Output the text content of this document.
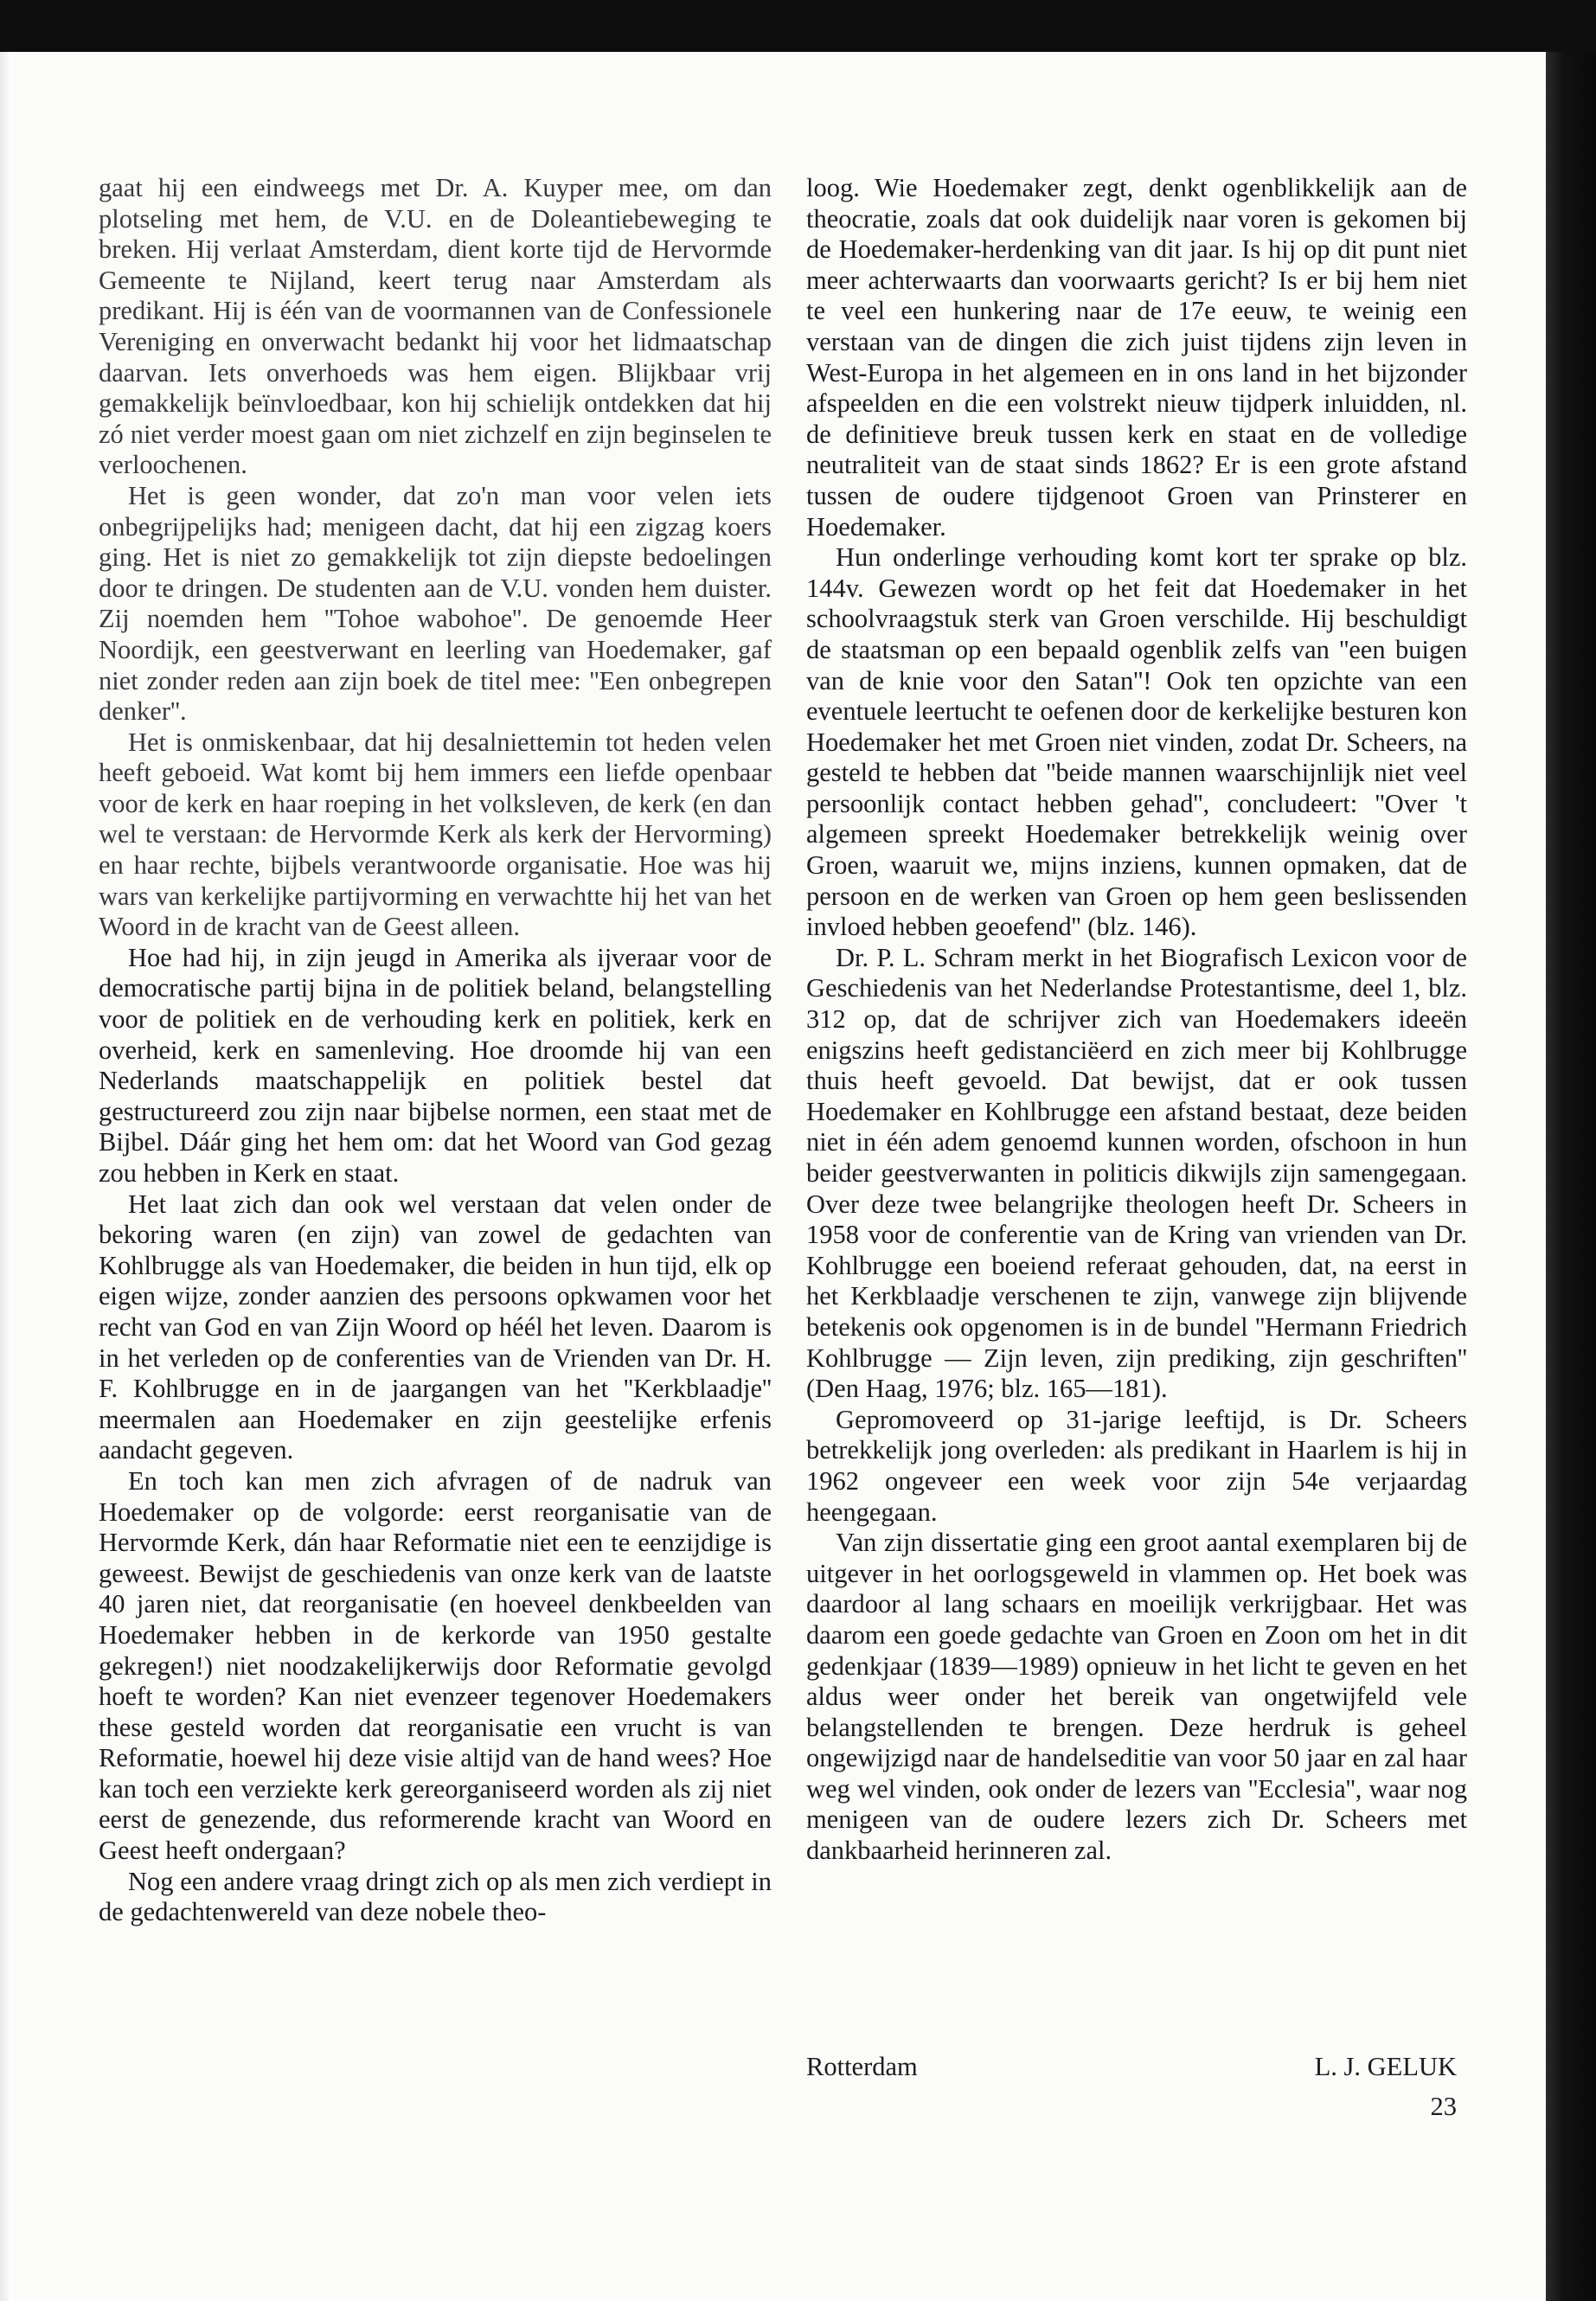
gaat hij een eindweegs met Dr. A. Kuyper mee, om dan plotseling met hem, de V.U. en de Doleantiebeweging te breken. Hij verlaat Amsterdam, dient korte tijd de Hervormde Gemeente te Nijland, keert terug naar Amsterdam als predikant. Hij is één van de voormannen van de Confessionele Vereniging en onverwacht bedankt hij voor het lidmaatschap daarvan. Iets onverhoeds was hem eigen. Blijkbaar vrij gemakkelijk beïnvloedbaar, kon hij schielijk ontdekken dat hij zó niet verder moest gaan om niet zichzelf en zijn beginselen te verloochenen.

Het is geen wonder, dat zo'n man voor velen iets onbegrijpelijks had; menigeen dacht, dat hij een zigzag koers ging. Het is niet zo gemakkelijk tot zijn diepste bedoelingen door te dringen. De studenten aan de V.U. vonden hem duister. Zij noemden hem ''Tohoe wabohoe''. De genoemde Heer Noordijk, een geestverwant en leerling van Hoedemaker, gaf niet zonder reden aan zijn boek de titel mee: ''Een onbegrepen denker''.

Het is onmiskenbaar, dat hij desalniettemin tot heden velen heeft geboeid. Wat komt bij hem immers een liefde openbaar voor de kerk en haar roeping in het volksleven, de kerk (en dan wel te verstaan: de Hervormde Kerk als kerk der Hervorming) en haar rechte, bijbels verantwoorde organisatie. Hoe was hij wars van kerkelijke partijvorming en verwachtte hij het van het Woord in de kracht van de Geest alleen.

Hoe had hij, in zijn jeugd in Amerika als ijveraar voor de democratische partij bijna in de politiek beland, belangstelling voor de politiek en de verhouding kerk en politiek, kerk en overheid, kerk en samenleving. Hoe droomde hij van een Nederlands maatschappelijk en politiek bestel dat gestructureerd zou zijn naar bijbelse normen, een staat met de Bijbel. Dáár ging het hem om: dat het Woord van God gezag zou hebben in Kerk en staat.

Het laat zich dan ook wel verstaan dat velen onder de bekoring waren (en zijn) van zowel de gedachten van Kohlbrugge als van Hoedemaker, die beiden in hun tijd, elk op eigen wijze, zonder aanzien des persoons opkwamen voor het recht van God en van Zijn Woord op héél het leven. Daarom is in het verleden op de conferenties van de Vrienden van Dr. H. F. Kohlbrugge en in de jaargangen van het ''Kerkblaadje'' meermalen aan Hoedemaker en zijn geestelijke erfenis aandacht gegeven.

En toch kan men zich afvragen of de nadruk van Hoedemaker op de volgorde: eerst reorganisatie van de Hervormde Kerk, dán haar Reformatie niet een te eenzijdige is geweest. Bewijst de geschiedenis van onze kerk van de laatste 40 jaren niet, dat reorganisatie (en hoeveel denkbeelden van Hoedemaker hebben in de kerkorde van 1950 gestalte gekregen!) niet noodzakelijkerwijs door Reformatie gevolgd hoeft te worden? Kan niet evenzeer tegenover Hoedemakers these gesteld worden dat reorganisatie een vrucht is van Reformatie, hoewel hij deze visie altijd van de hand wees? Hoe kan toch een verziekte kerk gereorganiseerd worden als zij niet eerst de genezende, dus reformerende kracht van Woord en Geest heeft ondergaan?

Nog een andere vraag dringt zich op als men zich verdiept in de gedachtenwereld van deze nobele theo-

loog. Wie Hoedemaker zegt, denkt ogenblikkelijk aan de theocratie, zoals dat ook duidelijk naar voren is gekomen bij de Hoedemaker-herdenking van dit jaar. Is hij op dit punt niet meer achterwaarts dan voorwaarts gericht? Is er bij hem niet te veel een hunkering naar de 17e eeuw, te weinig een verstaan van de dingen die zich juist tijdens zijn leven in West-Europa in het algemeen en in ons land in het bijzonder afspeelden en die een volstrekt nieuw tijdperk inluidden, nl. de definitieve breuk tussen kerk en staat en de volledige neutraliteit van de staat sinds 1862? Er is een grote afstand tussen de oudere tijdgenoot Groen van Prinsterer en Hoedemaker.

Hun onderlinge verhouding komt kort ter sprake op blz. 144v. Gewezen wordt op het feit dat Hoedemaker in het schoolvraagstuk sterk van Groen verschilde. Hij beschuldigt de staatsman op een bepaald ogenblik zelfs van ''een buigen van de knie voor den Satan''! Ook ten opzichte van een eventuele leertucht te oefenen door de kerkelijke besturen kon Hoedemaker het met Groen niet vinden, zodat Dr. Scheers, na gesteld te hebben dat ''beide mannen waarschijnlijk niet veel persoonlijk contact hebben gehad'', concludeert: ''Over 't algemeen spreekt Hoedemaker betrekkelijk weinig over Groen, waaruit we, mijns inziens, kunnen opmaken, dat de persoon en de werken van Groen op hem geen beslissenden invloed hebben geoefend'' (blz. 146).

Dr. P. L. Schram merkt in het Biografisch Lexicon voor de Geschiedenis van het Nederlandse Protestantisme, deel 1, blz. 312 op, dat de schrijver zich van Hoedemakers ideeën enigszins heeft gedistanciëerd en zich meer bij Kohlbrugge thuis heeft gevoeld. Dat bewijst, dat er ook tussen Hoedemaker en Kohlbrugge een afstand bestaat, deze beiden niet in één adem genoemd kunnen worden, ofschoon in hun beider geestverwanten in politicis dikwijls zijn samengegaan. Over deze twee belangrijke theologen heeft Dr. Scheers in 1958 voor de conferentie van de Kring van vrienden van Dr. Kohlbrugge een boeiend referaat gehouden, dat, na eerst in het Kerkblaadje verschenen te zijn, vanwege zijn blijvende betekenis ook opgenomen is in de bundel ''Hermann Friedrich Kohlbrugge — Zijn leven, zijn prediking, zijn geschriften'' (Den Haag, 1976; blz. 165—181).

Gepromoveerd op 31-jarige leeftijd, is Dr. Scheers betrekkelijk jong overleden: als predikant in Haarlem is hij in 1962 ongeveer een week voor zijn 54e verjaardag heengegaan.

Van zijn dissertatie ging een groot aantal exemplaren bij de uitgever in het oorlogsgeweld in vlammen op. Het boek was daardoor al lang schaars en moeilijk verkrijgbaar. Het was daarom een goede gedachte van Groen en Zoon om het in dit gedenkjaar (1839—1989) opnieuw in het licht te geven en het aldus weer onder het bereik van ongetwijfeld vele belangstellenden te brengen. Deze herdruk is geheel ongewijzigd naar de handelseditie van voor 50 jaar en zal haar weg wel vinden, ook onder de lezers van ''Ecclesia'', waar nog menigeen van de oudere lezers zich Dr. Scheers met dankbaarheid herinneren zal.

Rotterdam	L. J. GELUK
23
